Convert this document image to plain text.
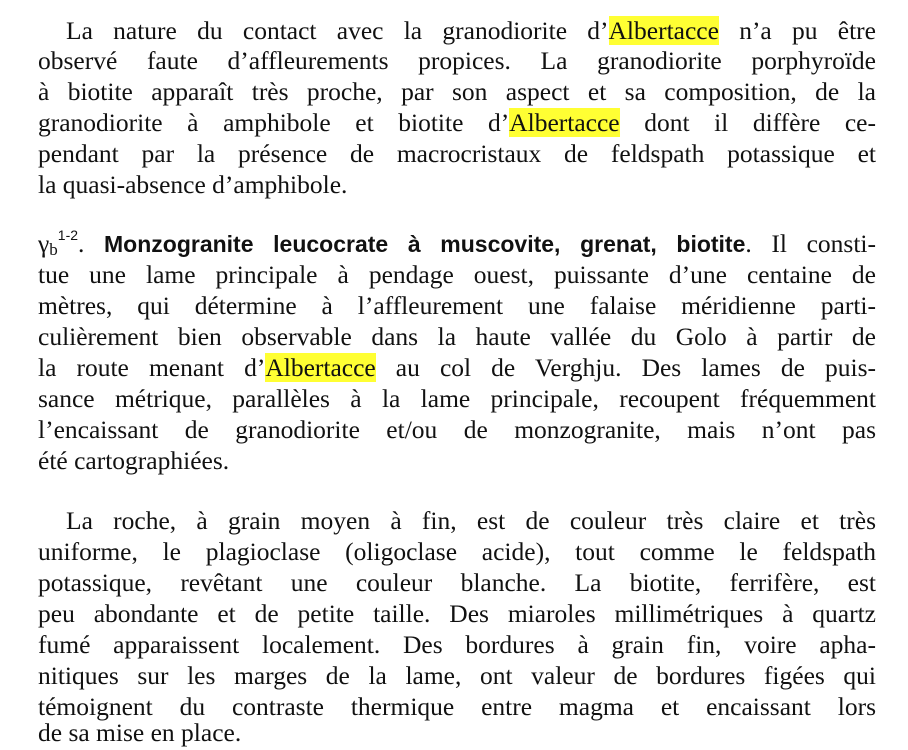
La nature du contact avec la granodiorite d’Albertacce n’a pu être
observé faute d’affleurements propices. La granodiorite porphyroïde
à biotite apparaît très proche, par son aspect et sa composition, de la
granodiorite à amphibole et biotite d’Albertacce dont il diffère ce-
pendant par la présence de macrocristaux de feldspath potassique et
la quasi-absence d’amphibole.
$\gamma_b^{1-2}$. Monzogranite leucocrate à muscovite, grenat, biotite. Il consti-
tue une lame principale à pendage ouest, puissante d’une centaine de
mètres, qui détermine à l’affleurement une falaise méridienne parti-
culièrement bien observable dans la haute vallée du Golo à partir de
la route menant d’Albertacce au col de Verghju. Des lames de puis-
sance métrique, parallèles à la lame principale, recoupent fréquemment
l’encaissant de granodiorite et/ou de monzogranite, mais n’ont pas
été cartographiées.
La roche, à grain moyen à fin, est de couleur très claire et très
uniforme, le plagioclase (oligoclase acide), tout comme le feldspath
potassique, revêtant une couleur blanche. La biotite, ferrifère, est
peu abondante et de petite taille. Des miaroles millimétriques à quartz
fumé apparaissent localement. Des bordures à grain fin, voire apha-
nitiques sur les marges de la lame, ont valeur de bordures figées qui
témoignent du contraste thermique entre magma et encaissant lors
de sa mise en place.
